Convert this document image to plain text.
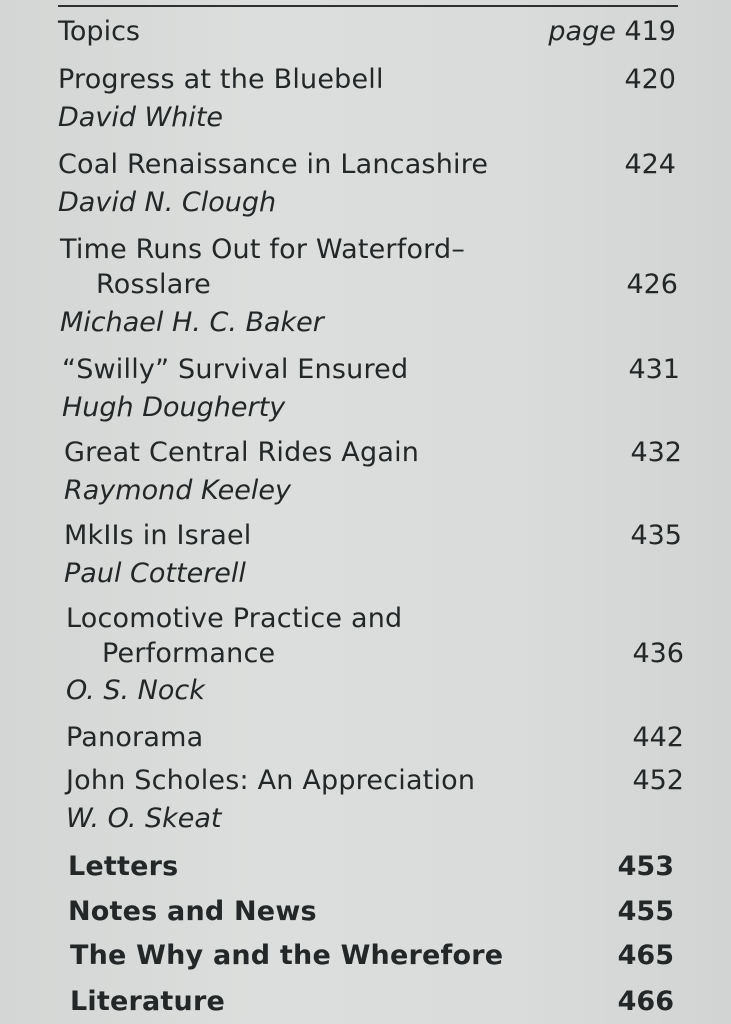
Topics	page 419
Progress at the Bluebell	420
David White
Coal Renaissance in Lancashire	424
David N. Clough
Time Runs Out for Waterford–
Rosslare	426
Michael H. C. Baker
“Swilly” Survival Ensured	431
Hugh Dougherty
Great Central Rides Again	432
Raymond Keeley
MkIIs in Israel	435
Paul Cotterell
Locomotive Practice and
Performance	436
O. S. Nock
Panorama	442
John Scholes: An Appreciation	452
W. O. Skeat
Letters	453
Notes and News	455
The Why and the Wherefore	465
Literature	466
